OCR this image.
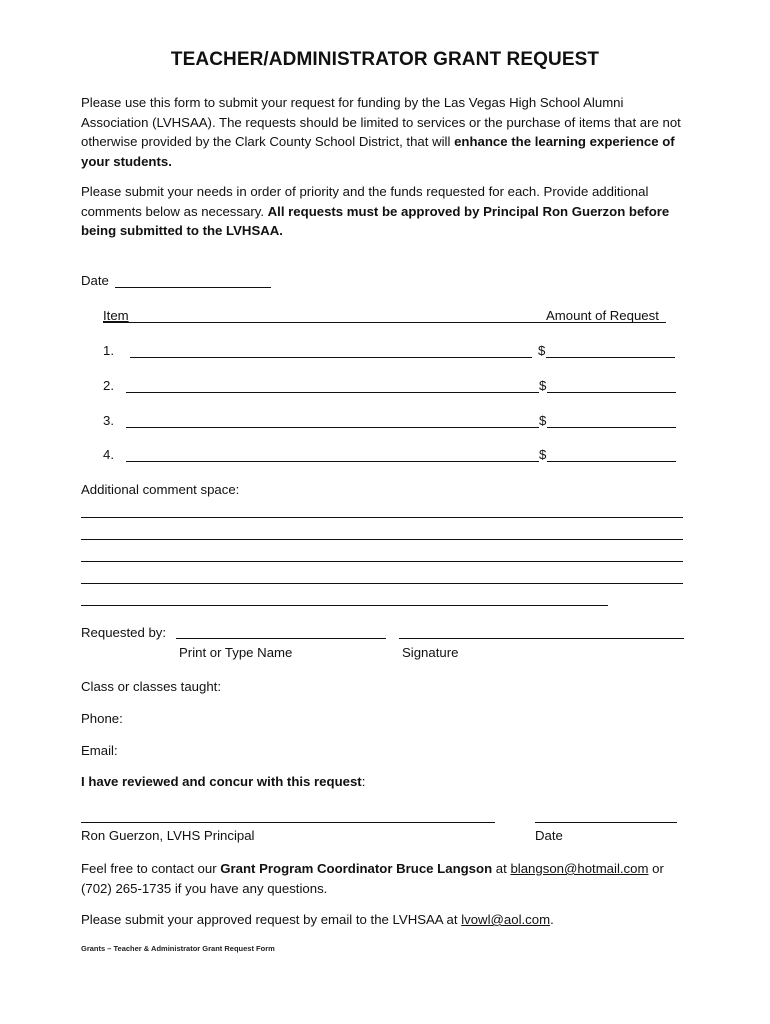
TEACHER/ADMINISTRATOR GRANT REQUEST
Please use this form to submit your request for funding by the Las Vegas High School Alumni Association (LVHSAA). The requests should be limited to services or the purchase of items that are not otherwise provided by the Clark County School District, that will enhance the learning experience of your students.
Please submit your needs in order of priority and the funds requested for each. Provide additional comments below as necessary. All requests must be approved by Principal Ron Guerzon before being submitted to the LVHSAA.
Date
Item	Amount of Request
1.	$
2.	$
3.	$
4.	$
Additional comment space:
Requested by:
Print or Type Name	Signature
Class or classes taught:
Phone:
Email:
I have reviewed and concur with this request:
Ron Guerzon, LVHS Principal	Date
Feel free to contact our Grant Program Coordinator Bruce Langson at blangson@hotmail.com or (702) 265-1735 if you have any questions.
Please submit your approved request by email to the LVHSAA at lvowl@aol.com.
Grants – Teacher & Administrator Grant Request Form
